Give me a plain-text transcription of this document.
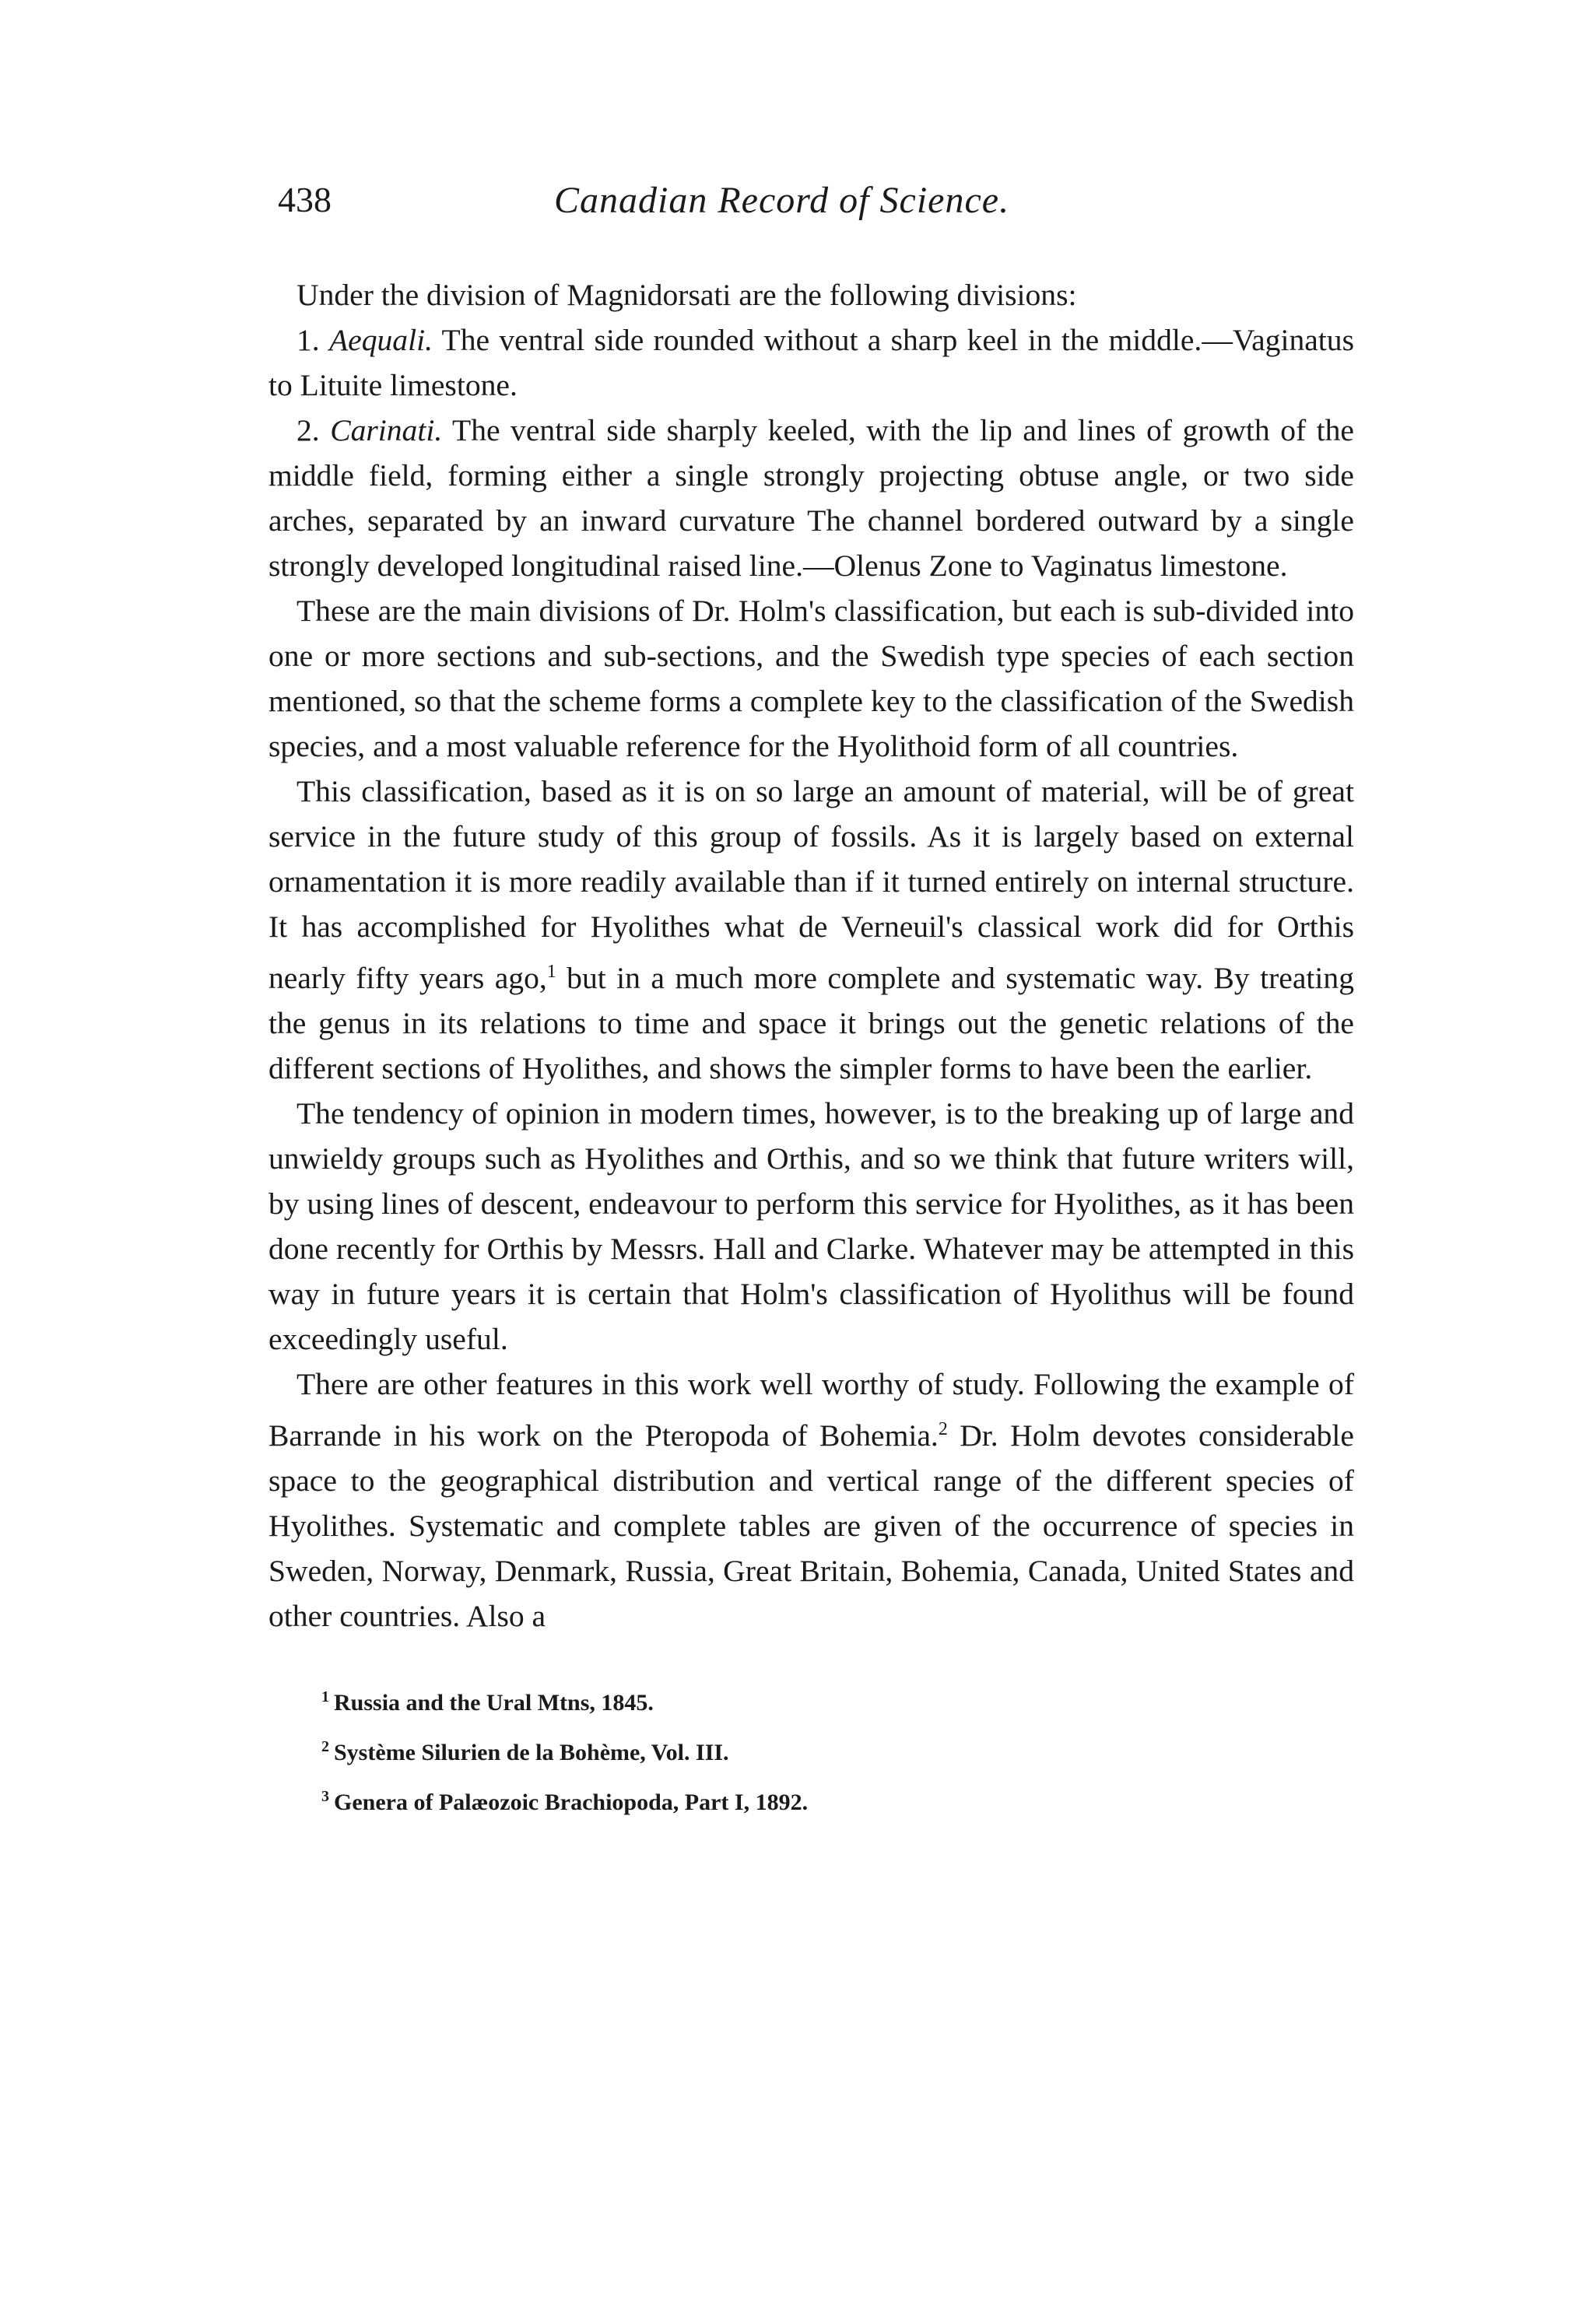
438	Canadian Record of Science.

Under the division of Magnidorsati are the following divisions:

1. Aequali. The ventral side rounded without a sharp keel in the middle.—Vaginatus to Lituite limestone.

2. Carinati. The ventral side sharply keeled, with the lip and lines of growth of the middle field, forming either a single strongly projecting obtuse angle, or two side arches, separated by an inward curvature The channel bordered outward by a single strongly developed longitudinal raised line.—Olenus Zone to Vaginatus limestone.

These are the main divisions of Dr. Holm's classification, but each is sub-divided into one or more sections and sub-sections, and the Swedish type species of each section mentioned, so that the scheme forms a complete key to the classification of the Swedish species, and a most valuable reference for the Hyolithoid form of all countries.

This classification, based as it is on so large an amount of material, will be of great service in the future study of this group of fossils. As it is largely based on external ornamentation it is more readily available than if it turned entirely on internal structure. It has accomplished for Hyolithes what de Verneuil's classical work did for Orthis nearly fifty years ago,$^1$ but in a much more complete and systematic way. By treating the genus in its relations to time and space it brings out the genetic relations of the different sections of Hyolithes, and shows the simpler forms to have been the earlier.

The tendency of opinion in modern times, however, is to the breaking up of large and unwieldy groups such as Hyolithes and Orthis, and so we think that future writers will, by using lines of descent, endeavour to perform this service for Hyolithes, as it has been done recently for Orthis by Messrs. Hall and Clarke. Whatever may be attempted in this way in future years it is certain that Holm's classification of Hyolithus will be found exceedingly useful.

There are other features in this work well worthy of study. Following the example of Barrande in his work on the Pteropoda of Bohemia.$^2$ Dr. Holm devotes considerable space to the geographical distribution and vertical range of the different species of Hyolithes. Systematic and complete tables are given of the occurrence of species in Sweden, Norway, Denmark, Russia, Great Britain, Bohemia, Canada, United States and other countries. Also a

$^1$ Russia and the Ural Mtns, 1845.
$^2$ Système Silurien de la Bohème, Vol. III.
$^3$ Genera of Palæozoic Brachiopoda, Part I, 1892.
